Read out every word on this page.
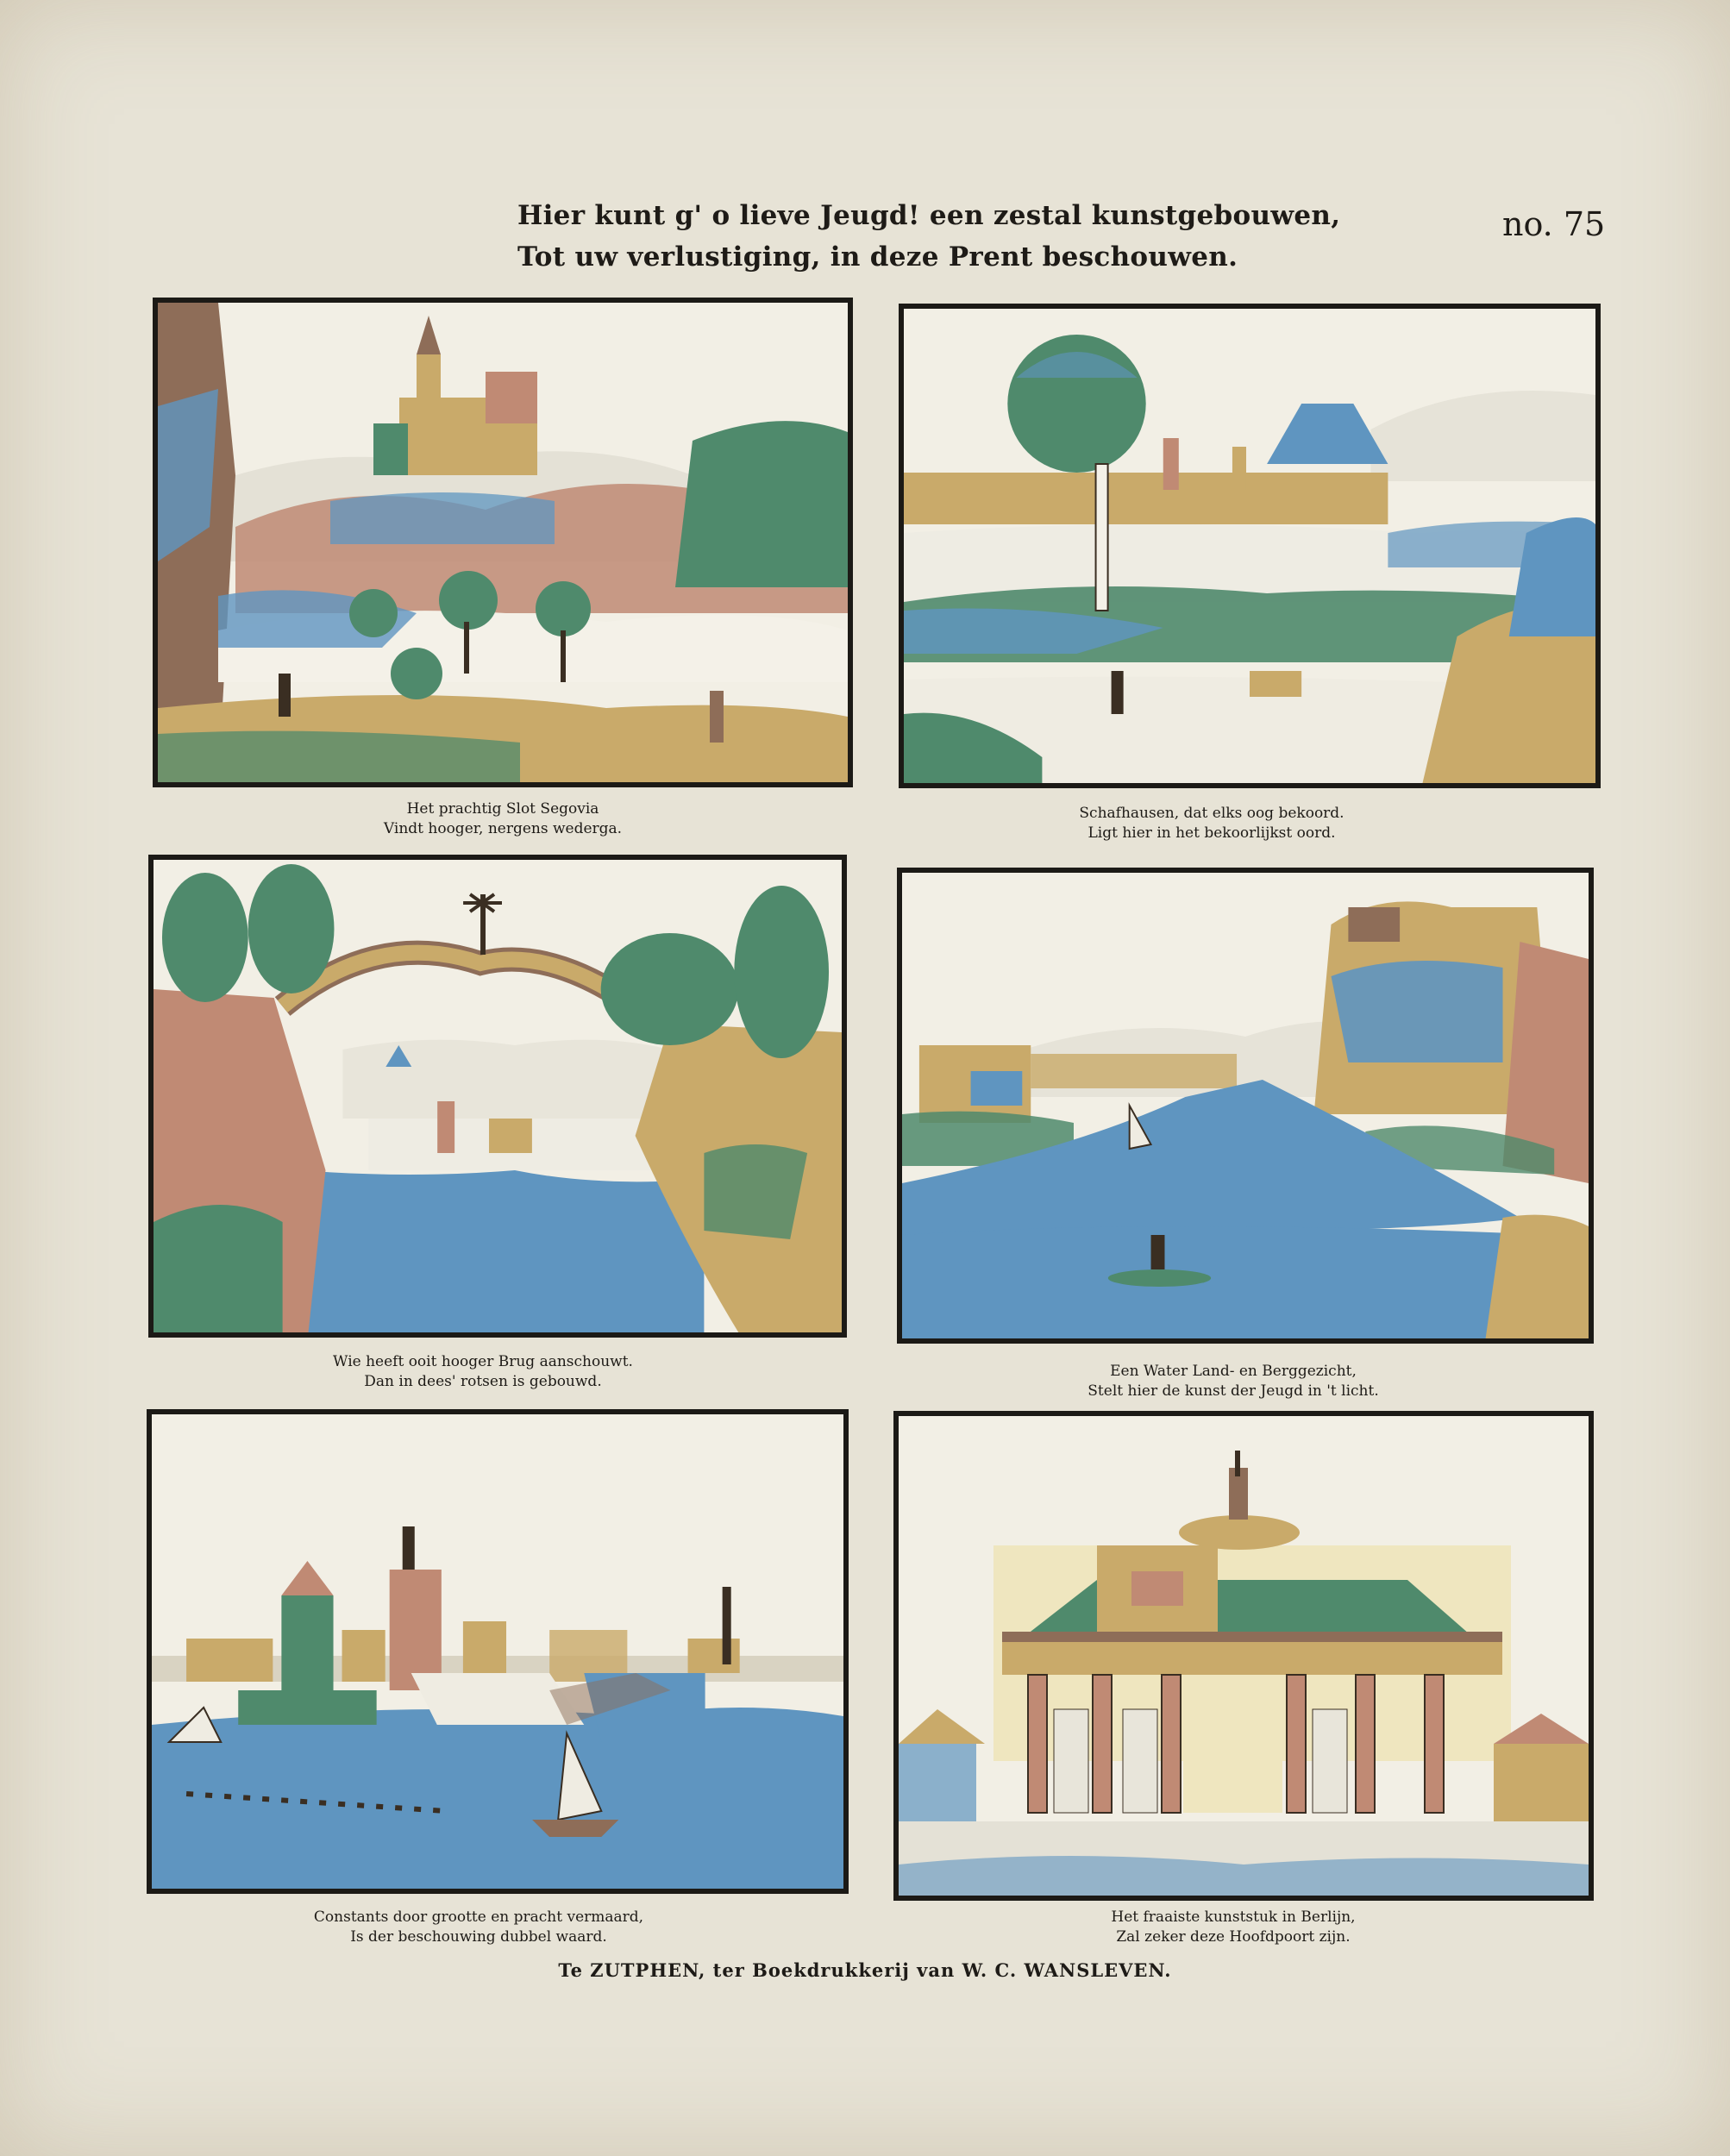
Hier kunt g' o lieve Jeugd! een zestal kunstgebouwen,
Tot uw verlustiging, in deze Prent beschouwen.
no. 75
Het prachtig Slot Segovia
Vindt hooger, nergens wederga.
Schafhausen, dat elks oog bekoord.
Ligt hier in het bekoorlijkst oord.
Wie heeft ooit hooger Brug aanschouwt.
Dan in dees' rotsen is gebouwd.
Een Water Land- en Berggezicht,
Stelt hier de kunst der Jeugd in 't licht.
Constants door grootte en pracht vermaard,
Is der beschouwing dubbel waard.
Het fraaiste kunststuk in Berlijn,
Zal zeker deze Hoofdpoort zijn.
Te ZUTPHEN, ter Boekdrukkerij van W. C. WANSLEVEN.
